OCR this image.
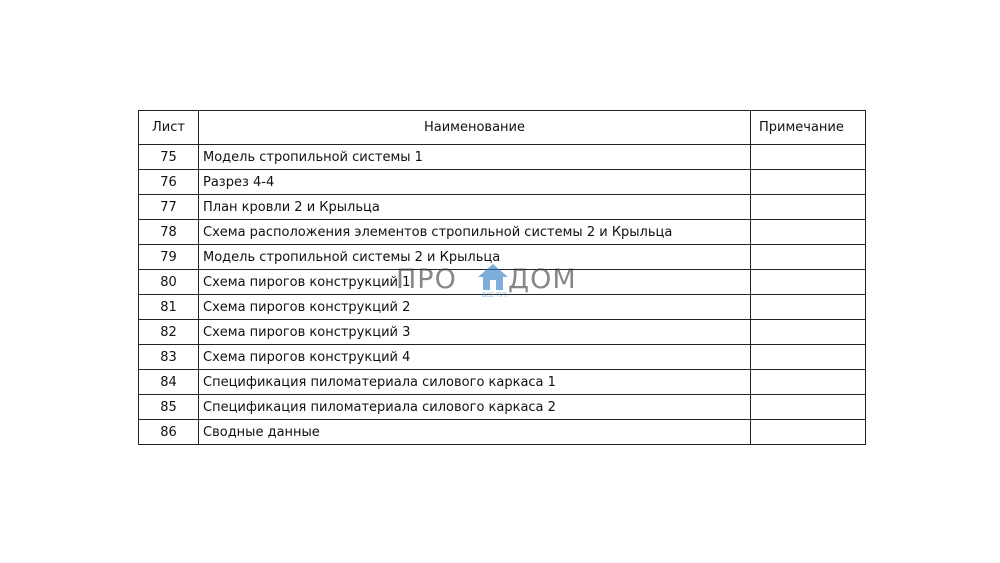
Лист	Наименование	Примечание
75	Модель стропильной системы 1	
76	Разрез 4-4	
77	План кровли 2 и Крыльца	
78	Схема расположения элементов стропильной системы 2 и Крыльца	
79	Модель стропильной системы 2 и Крыльца	
80	Схема пирогов конструкций 1	
81	Схема пирогов конструкций 2	
82	Схема пирогов конструкций 3	
83	Схема пирогов конструкций 4	
84	Спецификация пиломатериала силового каркаса 1	
85	Спецификация пиломатериала силового каркаса 2	
86	Сводные данные	
ПРО ДОМ
ВСЕ ТУТ
